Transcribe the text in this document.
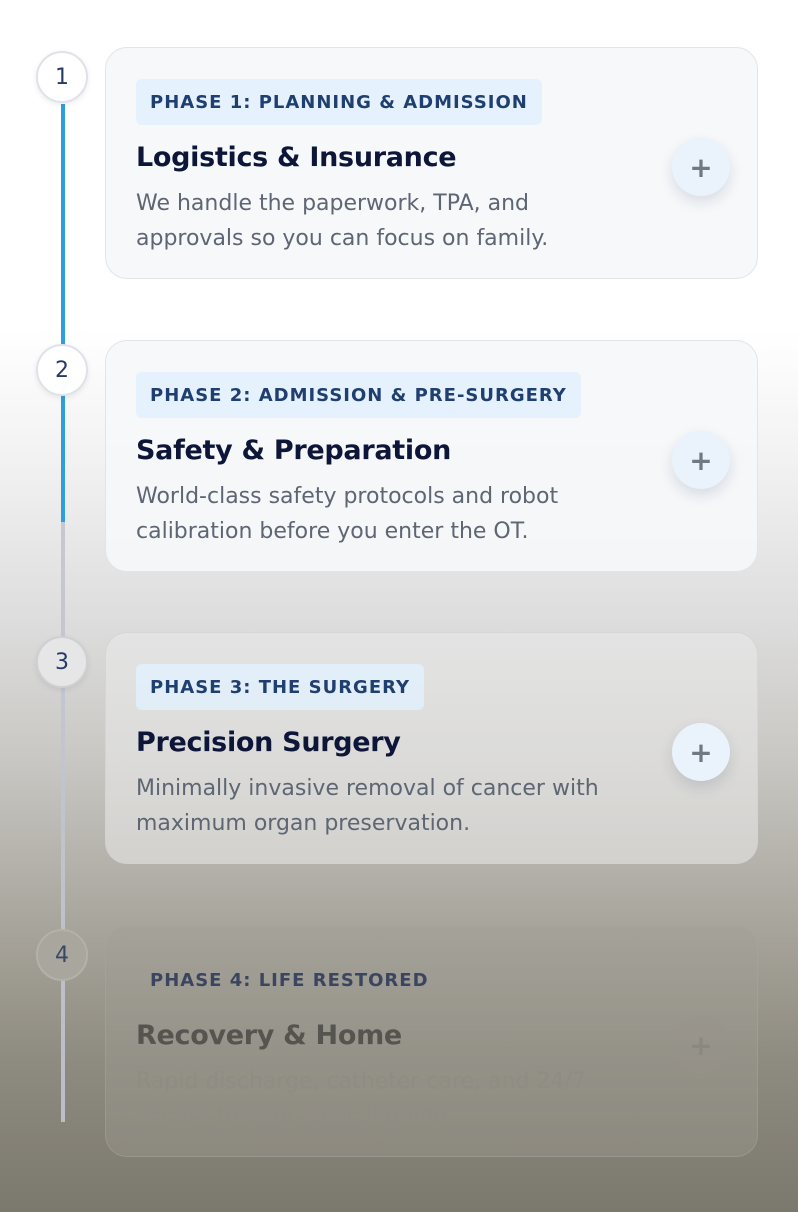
1
2
3
4
PHASE 1: PLANNING & ADMISSION
Logistics & Insurance
We handle the paperwork, TPA, and approvals so you can focus on family.
+
PHASE 2: ADMISSION & PRE-SURGERY
Safety & Preparation
World-class safety protocols and robot calibration before you enter the OT.
+
PHASE 3: THE SURGERY
Precision Surgery
Minimally invasive removal of cancer with maximum organ preservation.
+
PHASE 4: LIFE RESTORED
Recovery & Home
Rapid discharge, catheter care, and 24/7 access to your clinical guide.
+
